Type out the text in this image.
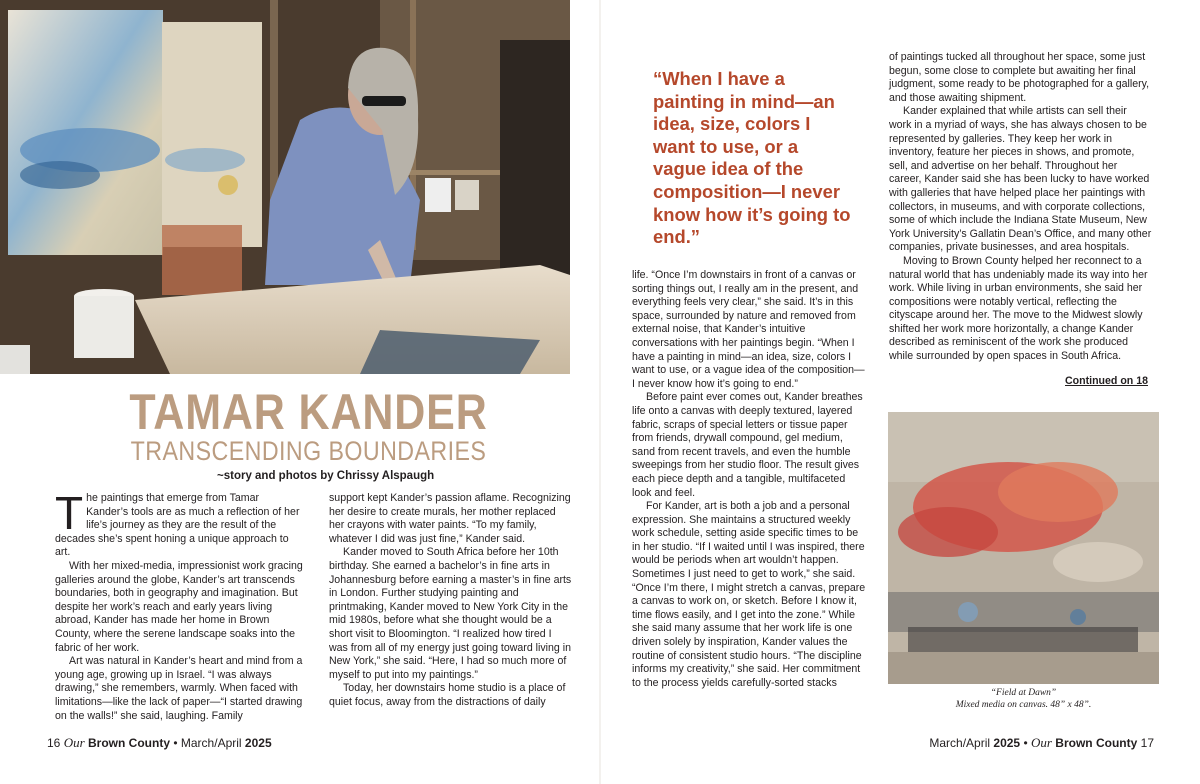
TAMAR KANDER
TRANSCENDING BOUNDARIES
~story and photos by Chrissy Alspaugh

The paintings that emerge from Tamar Kander’s tools are as much a reflection of her life’s journey as they are the result of the decades she’s spent honing a unique approach to art.

With her mixed-media, impressionist work gracing galleries around the globe, Kander’s art transcends boundaries, both in geography and imagination. But despite her work’s reach and early years living abroad, Kander has made her home in Brown County, where the serene landscape soaks into the fabric of her work.

Art was natural in Kander’s heart and mind from a young age, growing up in Israel. “I was always drawing,” she remembers, warmly. When faced with limitations—like the lack of paper—“I started drawing on the walls!” she said, laughing. Family

support kept Kander’s passion aflame. Recognizing her desire to create murals, her mother replaced her crayons with water paints. “To my family, whatever I did was just fine,” Kander said.

Kander moved to South Africa before her 10th birthday. She earned a bachelor’s in fine arts in Johannesburg before earning a master’s in fine arts in London. Further studying painting and printmaking, Kander moved to New York City in the mid 1980s, before what she thought would be a short visit to Bloomington. “I realized how tired I was from all of my energy just going toward living in New York,” she said. “Here, I had so much more of myself to put into my paintings.”

Today, her downstairs home studio is a place of quiet focus, away from the distractions of daily

“When I have a painting in mind—an idea, size, colors I want to use, or a vague idea of the composition—I never know how it’s going to end.”

life. “Once I’m downstairs in front of a canvas or sorting things out, I really am in the present, and everything feels very clear,” she said. It’s in this space, surrounded by nature and removed from external noise, that Kander’s intuitive conversations with her paintings begin. “When I have a painting in mind—an idea, size, colors I want to use, or a vague idea of the composition—I never know how it’s going to end.”

Before paint ever comes out, Kander breathes life onto a canvas with deeply textured, layered fabric, scraps of special letters or tissue paper from friends, drywall compound, gel medium, sand from recent travels, and even the humble sweepings from her studio floor. The result gives each piece depth and a tangible, multifaceted look and feel.

For Kander, art is both a job and a personal expression. She maintains a structured weekly work schedule, setting aside specific times to be in her studio. “If I waited until I was inspired, there would be periods when art wouldn’t happen. Sometimes I just need to get to work,” she said. “Once I’m there, I might stretch a canvas, prepare a canvas to work on, or sketch. Before I know it, time flows easily, and I get into the zone.” While she said many assume that her work life is one driven solely by inspiration, Kander values the routine of consistent studio hours. “The discipline informs my creativity,” she said. Her commitment to the process yields carefully-sorted stacks

of paintings tucked all throughout her space, some just begun, some close to complete but awaiting her final judgment, some ready to be photographed for a gallery, and those awaiting shipment.

Kander explained that while artists can sell their work in a myriad of ways, she has always chosen to be represented by galleries. They keep her work in inventory, feature her pieces in shows, and promote, sell, and advertise on her behalf. Throughout her career, Kander said she has been lucky to have worked with galleries that have helped place her paintings with collectors, in museums, and with corporate collections, some of which include the Indiana State Museum, New York University’s Gallatin Dean’s Office, and many other companies, private businesses, and area hospitals.

Moving to Brown County helped her reconnect to a natural world that has undeniably made its way into her work. While living in urban environments, she said her compositions were notably vertical, reflecting the cityscape around her. The move to the Midwest slowly shifted her work more horizontally, a change Kander described as reminiscent of the work she produced while surrounded by open spaces in South Africa.

Continued on 18
“Field at Dawn”
Mixed media on canvas. 48” x 48”.
16 Our Brown County • March/April 2025	March/April 2025 • Our Brown County 17
